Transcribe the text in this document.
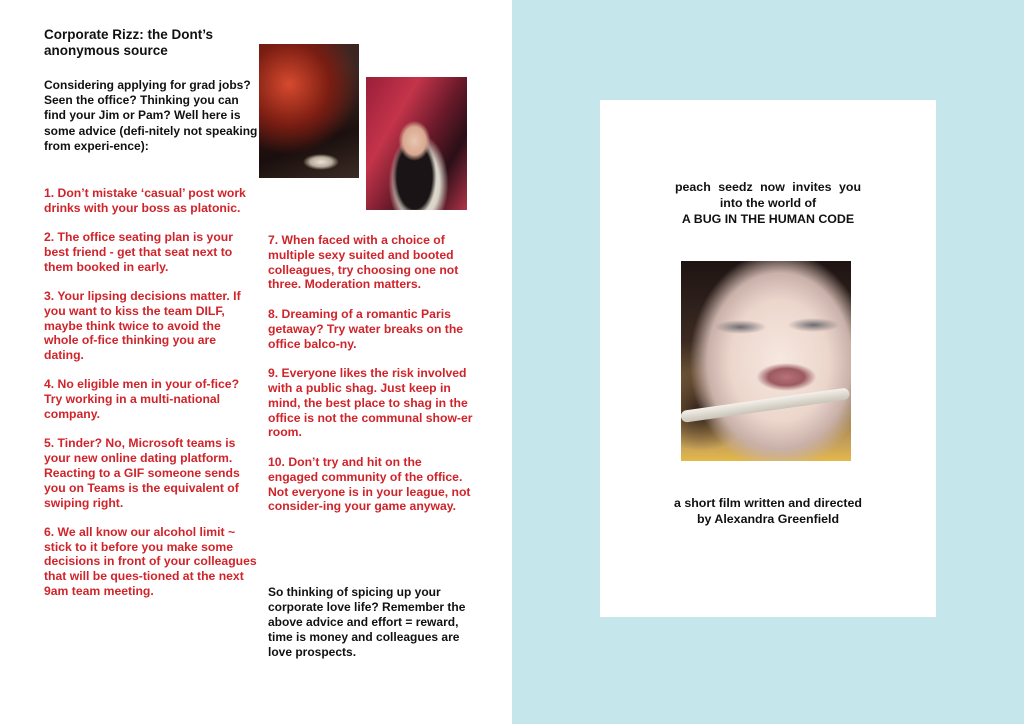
Corporate Rizz: the Dont’s anonymous source
Considering applying for grad jobs? Seen the office? Thinking you can find your Jim or Pam? Well here is some advice (defi-nitely not speaking from experi-ence):

1. Don’t mistake ‘casual’ post work drinks with your boss as platonic.

2. The office seating plan is your best friend - get that seat next to them booked in early.

3. Your lipsing decisions matter. If you want to kiss the team DILF, maybe think twice to avoid the whole of-fice thinking you are dating.

4. No eligible men in your of-fice? Try working in a multi-national company.

5. Tinder? No, Microsoft teams is your new online dating platform. Reacting to a GIF someone sends you on Teams is the equivalent of swiping right.

6. We all know our alcohol limit ~ stick to it before you make some decisions in front of your colleagues that will be ques-tioned at the next 9am team meeting.

7. When faced with a choice of multiple sexy suited and booted colleagues, try choosing one not three. Moderation matters.

8. Dreaming of a romantic Paris getaway? Try water breaks on the office balco-ny.

9. Everyone likes the risk involved with a public shag. Just keep in mind, the best place to shag in the office is not the communal show-er room.

10. Don’t try and hit on the engaged community of the office. Not everyone is in your league, not consider-ing your game anyway.

So thinking of spicing up your corporate love life? Remember the above advice and effort = reward, time is money and colleagues are love prospects.
peach seedz now invites you
into the world of
A BUG IN THE HUMAN CODE
a short film written and directed
by Alexandra Greenfield
